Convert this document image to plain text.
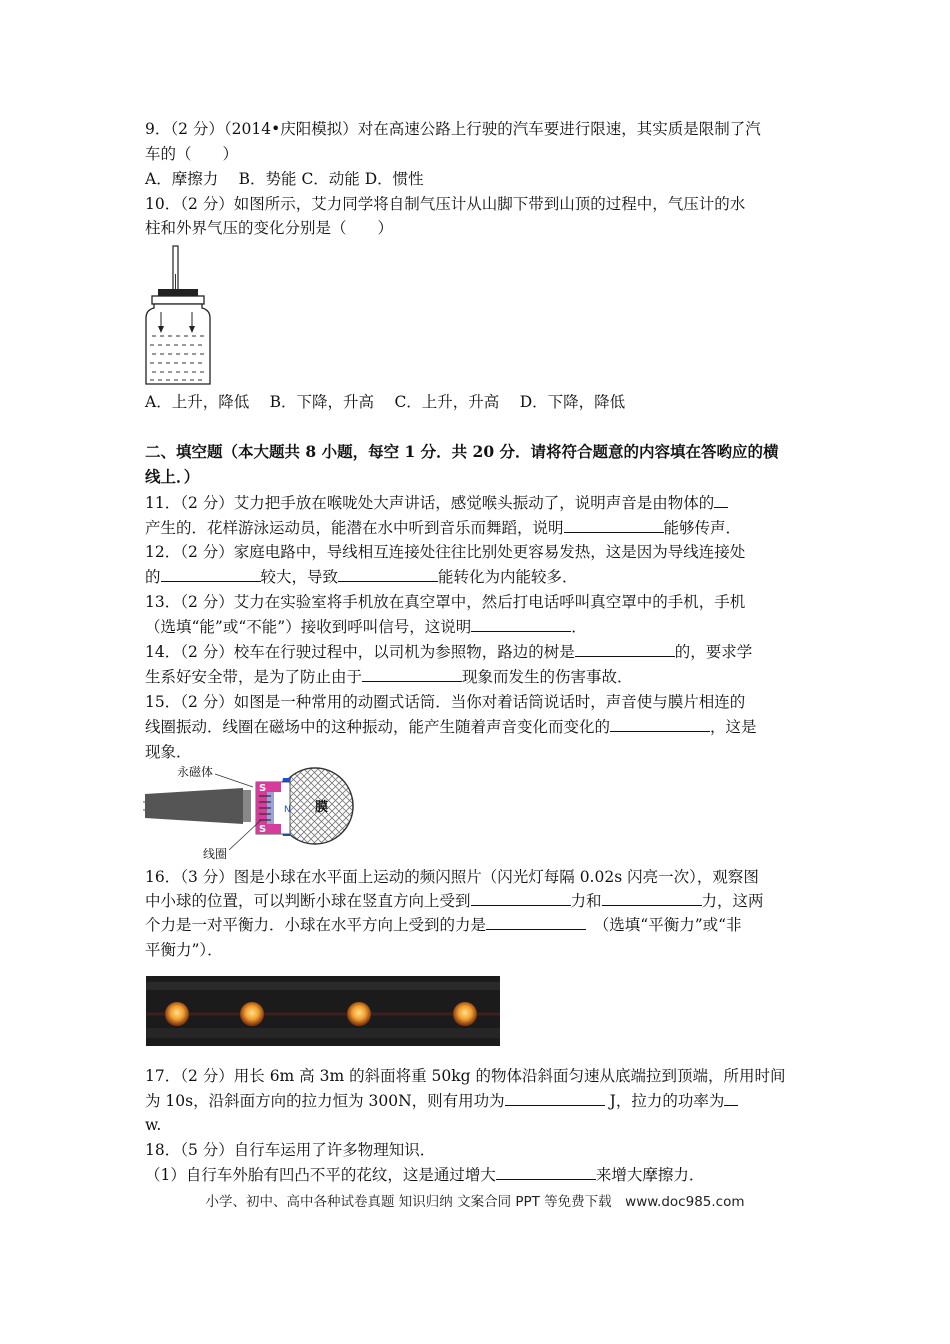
9．（2 分）（2014•庆阳模拟）对在高速公路上行驶的汽车要进行限速，其实质是限制了汽
车的（　　）
A．摩擦力　 B．势能 C．动能 D．惯性
10．（2 分）如图所示，艾力同学将自制气压计从山脚下带到山顶的过程中，气压计的水
柱和外界气压的变化分别是（　　）
A．上升，降低　 B．下降，升高　 C．上升，升高　 D．下降，降低
二、填空题（本大题共 8 小题，每空 1 分．共 20 分．请将符合题意的内容填在答哟应的横
线上．）
11．（2 分）艾力把手放在喉咙处大声讲话，感觉喉头振动了，说明声音是由物体的
产生的．花样游泳运动员，能潜在水中听到音乐而舞蹈，说明	能够传声．
12．（2 分）家庭电路中，导线相互连接处往往比别处更容易发热，这是因为导线连接处
的	较大，导致	能转化为内能较多．
13．（2 分）艾力在实验室将手机放在真空罩中，然后打电话呼叫真空罩中的手机，手机
（选填“能”或“不能”）接收到呼叫信号，这说明	．
14．（2 分）校车在行驶过程中，以司机为参照物，路边的树是	的，要求学
生系好安全带，是为了防止由于	现象而发生的伤害事故．
15．（2 分）如图是一种常用的动圈式话筒．当你对着话筒说话时，声音使与膜片相连的
线圈振动．线圈在磁场中的这种振动，能产生随着声音变化而变化的	，这是
现象．
永磁体
S
S
N 膜
线圈
16．（3 分）图是小球在水平面上运动的频闪照片（闪光灯每隔 0.02s 闪亮一次），观察图
中小球的位置，可以判断小球在竖直方向上受到	力和	力，这两
个力是一对平衡力．小球在水平方向上受到的力是　	（选填“平衡力”或“非
平衡力”）．
17．（2 分）用长 6m 高 3m 的斜面将重 50kg 的物体沿斜面匀速从底端拉到顶端，所用时间
为 10s，沿斜面方向的拉力恒为 300N，则有用功为	J，拉力的功率为
w.
18．（5 分）自行车运用了许多物理知识．
（1）自行车外胎有凹凸不平的花纹，这是通过增大	来增大摩擦力．
小学、初中、高中各种试卷真题 知识归纳 文案合同 PPT 等免费下载　www.doc985.com
